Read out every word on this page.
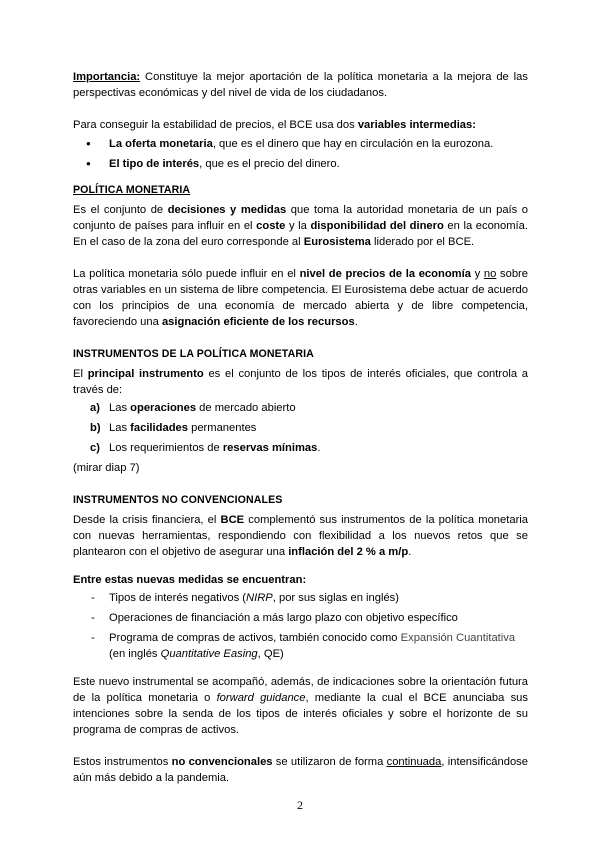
Importancia: Constituye la mejor aportación de la política monetaria a la mejora de las perspectivas económicas y del nivel de vida de los ciudadanos.

Para conseguir la estabilidad de precios, el BCE usa dos variables intermedias:

● La oferta monetaria, que es el dinero que hay en circulación en la eurozona.
● El tipo de interés, que es el precio del dinero.

POLÍTICA MONETARIA

Es el conjunto de decisiones y medidas que toma la autoridad monetaria de un país o conjunto de países para influir en el coste y la disponibilidad del dinero en la economía. En el caso de la zona del euro corresponde al Eurosistema liderado por el BCE.

La política monetaria sólo puede influir en el nivel de precios de la economía y no sobre otras variables en un sistema de libre competencia. El Eurosistema debe actuar de acuerdo con los principios de una economía de mercado abierta y de libre competencia, favoreciendo una asignación eficiente de los recursos.

INSTRUMENTOS DE LA POLÍTICA MONETARIA

El principal instrumento es el conjunto de los tipos de interés oficiales, que controla a través de:

a) Las operaciones de mercado abierto
b) Las facilidades permanentes
c) Los requerimientos de reservas mínimas.

(mirar diap 7)

INSTRUMENTOS NO CONVENCIONALES

Desde la crisis financiera, el BCE complementó sus instrumentos de la política monetaria con nuevas herramientas, respondiendo con flexibilidad a los nuevos retos que se plantearon con el objetivo de asegurar una inflación del 2 % a m/p.

Entre estas nuevas medidas se encuentran:

- Tipos de interés negativos (NIRP, por sus siglas en inglés)
- Operaciones de financiación a más largo plazo con objetivo específico
- Programa de compras de activos, también conocido como Expansión Cuantitativa (en inglés Quantitative Easing, QE)

Este nuevo instrumental se acompañó, además, de indicaciones sobre la orientación futura de la política monetaria o forward guidance, mediante la cual el BCE anunciaba sus intenciones sobre la senda de los tipos de interés oficiales y sobre el horizonte de su programa de compras de activos.

Estos instrumentos no convencionales se utilizaron de forma continuada, intensificándose aún más debido a la pandemia.

2
